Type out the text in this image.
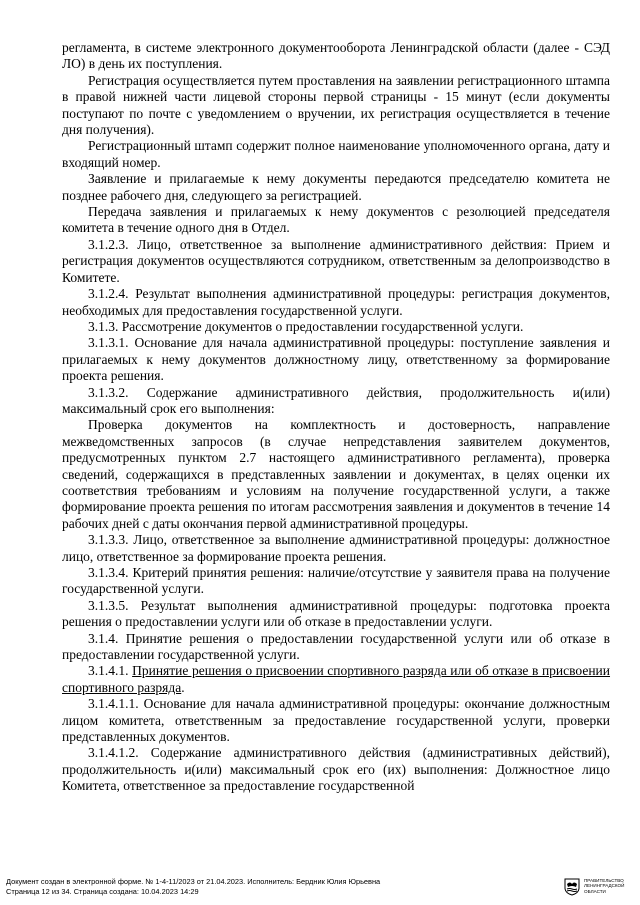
регламента, в системе электронного документооборота Ленинградской области (далее - СЭД ЛО) в день их поступления.

Регистрация осуществляется путем проставления на заявлении регистрационного штампа в правой нижней части лицевой стороны первой страницы - 15 минут (если документы поступают по почте с уведомлением о вручении, их регистрация осуществляется в течение дня получения).

Регистрационный штамп содержит полное наименование уполномоченного органа, дату и входящий номер.

Заявление и прилагаемые к нему документы передаются председателю комитета не позднее рабочего дня, следующего за регистрацией.

Передача заявления и прилагаемых к нему документов с резолюцией председателя комитета в течение одного дня в Отдел.

3.1.2.3. Лицо, ответственное за выполнение административного действия: Прием и регистрация документов осуществляются сотрудником, ответственным за делопроизводство в Комитете.

3.1.2.4. Результат выполнения административной процедуры: регистрация документов, необходимых для предоставления государственной услуги.

3.1.3. Рассмотрение документов о предоставлении государственной услуги.

3.1.3.1. Основание для начала административной процедуры: поступление заявления и прилагаемых к нему документов должностному лицу, ответственному за формирование проекта решения.

3.1.3.2. Содержание административного действия, продолжительность и(или) максимальный срок его выполнения:

Проверка документов на комплектность и достоверность, направление межведомственных запросов (в случае непредставления заявителем документов, предусмотренных пунктом 2.7 настоящего административного регламента), проверка сведений, содержащихся в представленных заявлении и документах, в целях оценки их соответствия требованиям и условиям на получение государственной услуги, а также формирование проекта решения по итогам рассмотрения заявления и документов в течение 14 рабочих дней с даты окончания первой административной процедуры.

3.1.3.3. Лицо, ответственное за выполнение административной процедуры: должностное лицо, ответственное за формирование проекта решения.

3.1.3.4. Критерий принятия решения: наличие/отсутствие у заявителя права на получение государственной услуги.

3.1.3.5. Результат выполнения административной процедуры: подготовка проекта решения о предоставлении услуги или об отказе в предоставлении услуги.

3.1.4. Принятие решения о предоставлении государственной услуги или об отказе в предоставлении государственной услуги.

3.1.4.1. Принятие решения о присвоении спортивного разряда или об отказе в присвоении спортивного разряда.

3.1.4.1.1. Основание для начала административной процедуры: окончание должностным лицом комитета, ответственным за предоставление государственной услуги, проверки представленных документов.

3.1.4.1.2. Содержание административного действия (административных действий), продолжительность и(или) максимальный срок его (их) выполнения: Должностное лицо Комитета, ответственное за предоставление государственной

Документ создан в электронной форме. № 1-4-11/2023 от 21.04.2023. Исполнитель: Бердник Юлия Юрьевна
Страница 12 из 34. Страница создана: 10.04.2023 14:29
ПРАВИТЕЛЬСТВО
ЛЕНИНГРАДСКОЙ
ОБЛАСТИ
